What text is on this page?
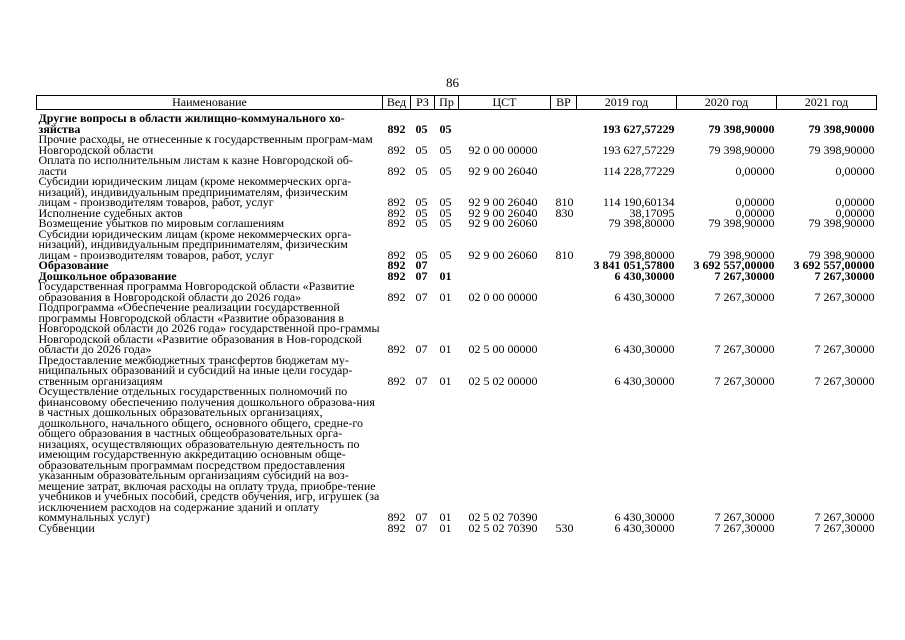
86
Наименование	Вед	РЗ	Пр	ЦСТ	ВР	2019 год	2020 год	2021 год
Другие вопросы в области жилищно-коммунального хо-зяйства	892	05	05			193 627,57229	79 398,90000	79 398,90000
Прочие расходы, не отнесенные к государственным програм-мам Новгородской области	892	05	05	92 0 00 00000		193 627,57229	79 398,90000	79 398,90000
Оплата по исполнительным листам к казне Новгородской об-ласти	892	05	05	92 9 00 26040		114 228,77229	0,00000	0,00000
Субсидии юридическим лицам (кроме некоммерческих орга-низаций), индивидуальным предпринимателям, физическим лицам - производителям товаров, работ, услуг	892	05	05	92 9 00 26040	810	114 190,60134	0,00000	0,00000
Исполнение судебных актов	892	05	05	92 9 00 26040	830	38,17095	0,00000	0,00000
Возмещение убытков по мировым соглашениям	892	05	05	92 9 00 26060		79 398,80000	79 398,90000	79 398,90000
Субсидии юридическим лицам (кроме некоммерческих орга-низаций), индивидуальным предпринимателям, физическим лицам - производителям товаров, работ, услуг	892	05	05	92 9 00 26060	810	79 398,80000	79 398,90000	79 398,90000
Образование	892	07				3 841 051,57800	3 692 557,00000	3 692 557,00000
Дошкольное образование	892	07	01			6 430,30000	7 267,30000	7 267,30000
Государственная программа Новгородской области «Развитие образования в Новгородской области до 2026 года»	892	07	01	02 0 00 00000		6 430,30000	7 267,30000	7 267,30000
Подпрограмма «Обеспечение реализации государственной программы Новгородской области «Развитие образования в Новгородской области до 2026 года» государственной про-граммы Новгородской области «Развитие образования в Нов-городской области до 2026 года»	892	07	01	02 5 00 00000		6 430,30000	7 267,30000	7 267,30000
Предоставление межбюджетных трансфертов бюджетам му-ниципальных образований и субсидий на иные цели государ-ственным организациям	892	07	01	02 5 02 00000		6 430,30000	7 267,30000	7 267,30000
Осуществление отдельных государственных полномочий по финансовому обеспечению получения дошкольного образова-ния в частных дошкольных образовательных организациях, дошкольного, начального общего, основного общего, средне-го общего образования в частных общеобразовательных орга-низациях, осуществляющих образовательную деятельность по имеющим государственную аккредитацию основным обще-образовательным программам посредством предоставления указанным образовательным организациям субсидий на воз-мещение затрат, включая расходы на оплату труда, приобре-тение учебников и учебных пособий, средств обучения, игр, игрушек (за исключением расходов на содержание зданий и оплату коммунальных услуг)	892	07	01	02 5 02 70390		6 430,30000	7 267,30000	7 267,30000
Субвенции	892	07	01	02 5 02 70390	530	6 430,30000	7 267,30000	7 267,30000
